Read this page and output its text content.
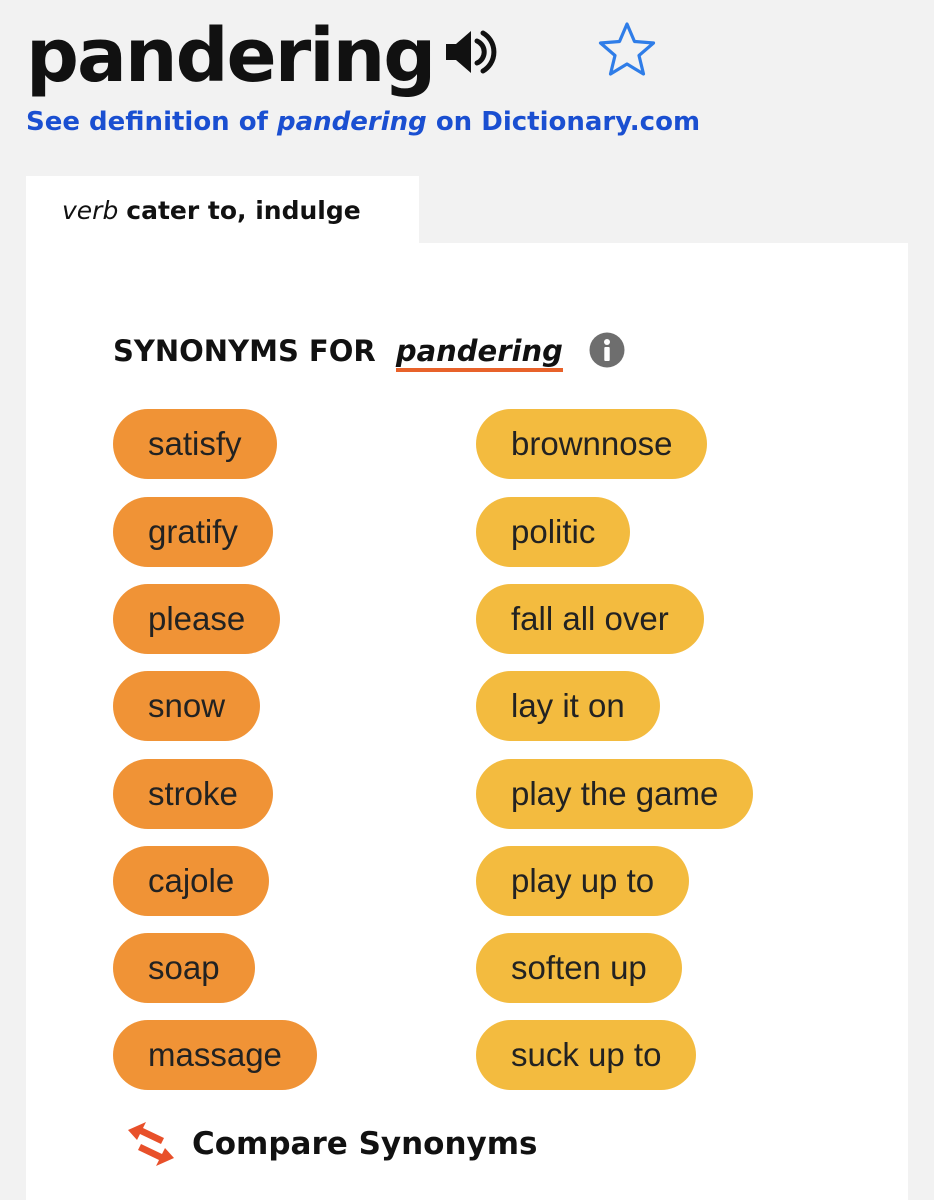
pandering
See definition of pandering on Dictionary.com
verb cater to, indulge
SYNONYMS FOR pandering
satisfy
gratify
please
snow
stroke
cajole
soap
massage
brownnose
politic
fall all over
lay it on
play the game
play up to
soften up
suck up to
Compare Synonyms
